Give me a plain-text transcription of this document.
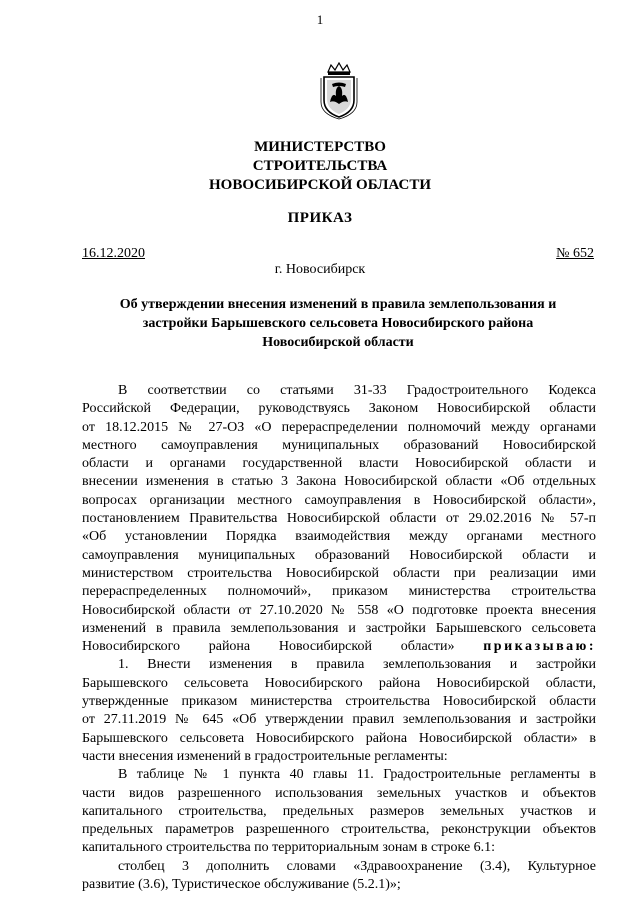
1
МИНИСТЕРСТВО
СТРОИТЕЛЬСТВА
НОВОСИБИРСКОЙ ОБЛАСТИ
ПРИКАЗ
16.12.2020	№ 652
г. Новосибирск
Об утверждении внесения изменений в правила землепользования и
застройки Барышевского сельсовета Новосибирского района
Новосибирской области
В соответствии со статьями 31-33 Градостроительного Кодекса
Российской Федерации, руководствуясь Законом Новосибирской области
от 18.12.2015 № 27-ОЗ «О перераспределении полномочий между органами
местного самоуправления муниципальных образований Новосибирской
области и органами государственной власти Новосибирской области и
внесении изменения в статью 3 Закона Новосибирской области «Об отдельных
вопросах организации местного самоуправления в Новосибирской области»,
постановлением Правительства Новосибирской области от 29.02.2016 № 57-п
«Об установлении Порядка взаимодействия между органами местного
самоуправления муниципальных образований Новосибирской области и
министерством строительства Новосибирской области при реализации ими
перераспределенных полномочий», приказом министерства строительства
Новосибирской области от 27.10.2020 № 558 «О подготовке проекта внесения
изменений в правила землепользования и застройки Барышевского сельсовета
Новосибирского района Новосибирской области» приказываю:
1. Внести изменения в правила землепользования и застройки
Барышевского сельсовета Новосибирского района Новосибирской области,
утвержденные приказом министерства строительства Новосибирской области
от 27.11.2019 № 645 «Об утверждении правил землепользования и застройки
Барышевского сельсовета Новосибирского района Новосибирской области» в
части внесения изменений в градостроительные регламенты:
В таблице № 1 пункта 40 главы 11. Градостроительные регламенты в
части видов разрешенного использования земельных участков и объектов
капитального строительства, предельных размеров земельных участков и
предельных параметров разрешенного строительства, реконструкции объектов
капитального строительства по территориальным зонам в строке 6.1:
столбец 3 дополнить словами «Здравоохранение (3.4), Культурное
развитие (3.6), Туристическое обслуживание (5.2.1)»;
